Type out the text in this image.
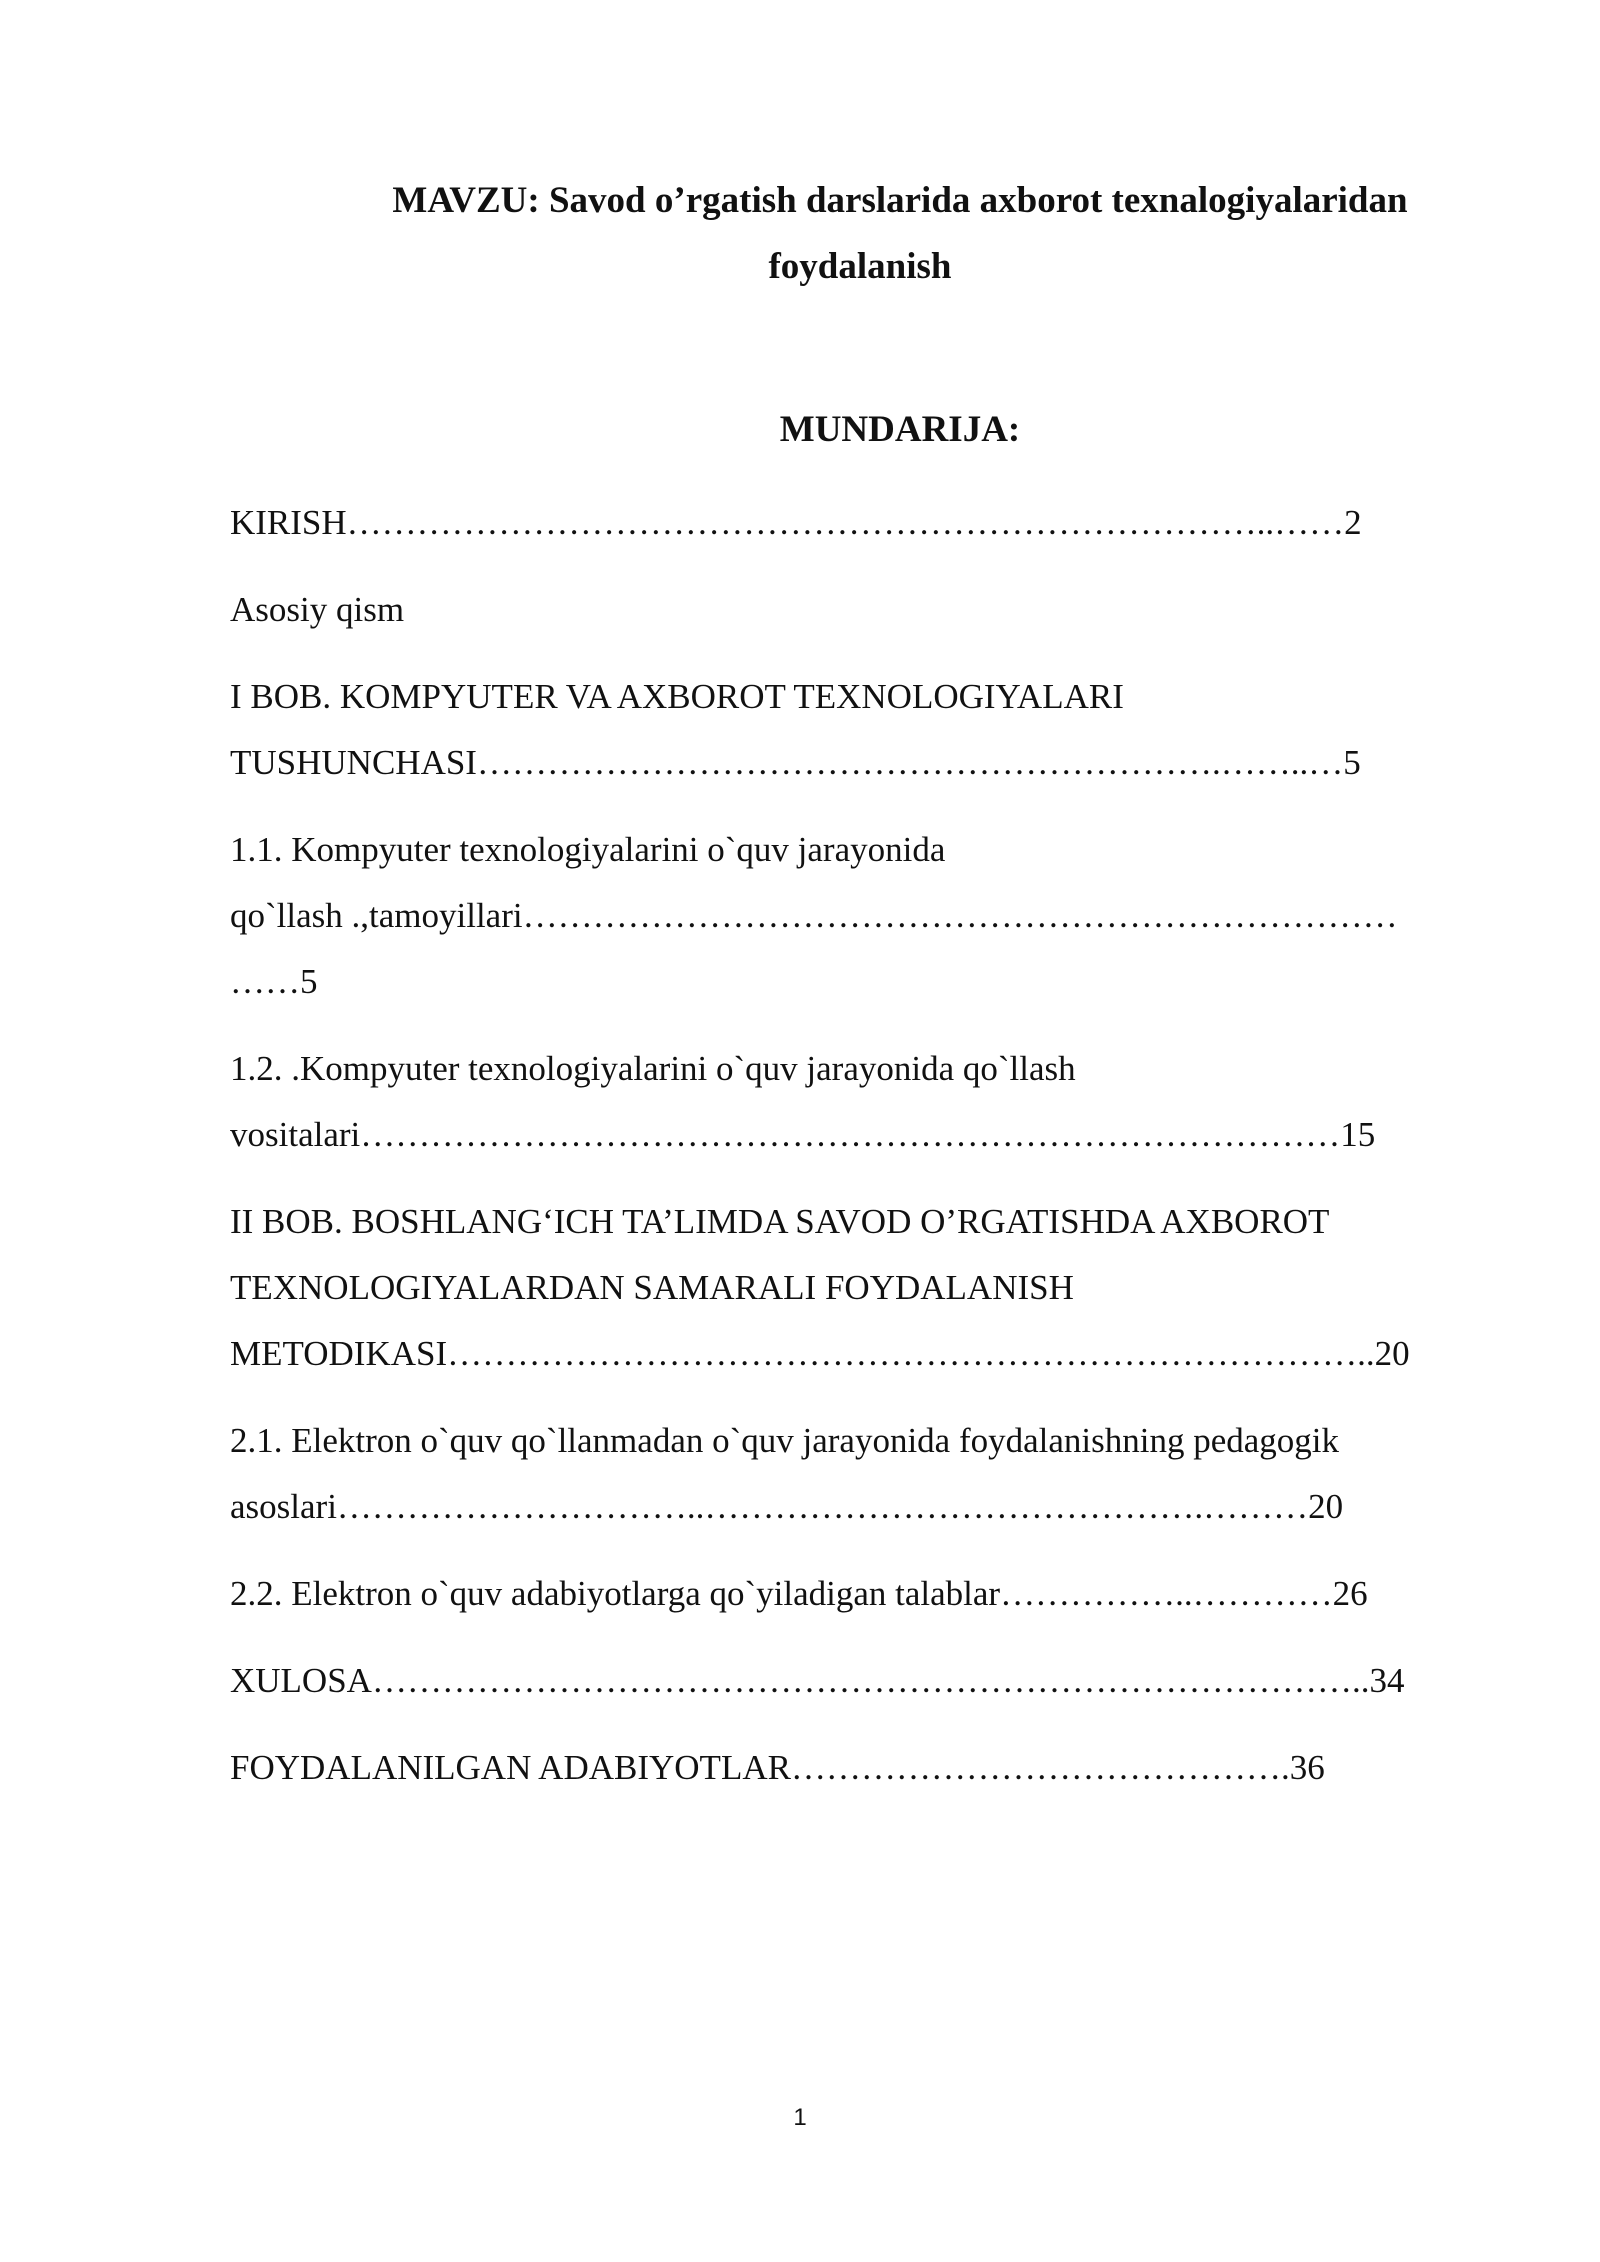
MAVZU: Savod o’rgatish darslarida axborot texnalogiyalaridan
foydalanish
MUNDARIJA:
KIRISH……………………………………………………………………..……2
Asosiy qism
I BOB. KOMPYUTER VA AXBOROT TEXNOLOGIYALARI
TUSHUNCHASI……………………………………………………….……..…5
1.1. Kompyuter texnologiyalarini o`quv jarayonida
qo`llash .,tamoyillari…………………………………………………………………
……5
1.2. .Kompyuter texnologiyalarini o`quv jarayonida qo`llash
vositalari…………………………………………………………………………15
II BOB. BOSHLANG‘ICH TA’LIMDA SAVOD O’RGATISHDA AXBOROT
TEXNOLOGIYALARDAN SAMARALI FOYDALANISH
METODIKASI……………………………………………………………………..20
2.1. Elektron o`quv qo`llanmadan o`quv jarayonida foydalanishning pedagogik
asoslari…………………………..…………………………………….………20
2.2. Elektron o`quv adabiyotlarga qo`yiladigan talablar……………..…………26
XULOSA…………………………………………………………………………..34
FOYDALANILGAN ADABIYOTLAR…………………………………….36
1
